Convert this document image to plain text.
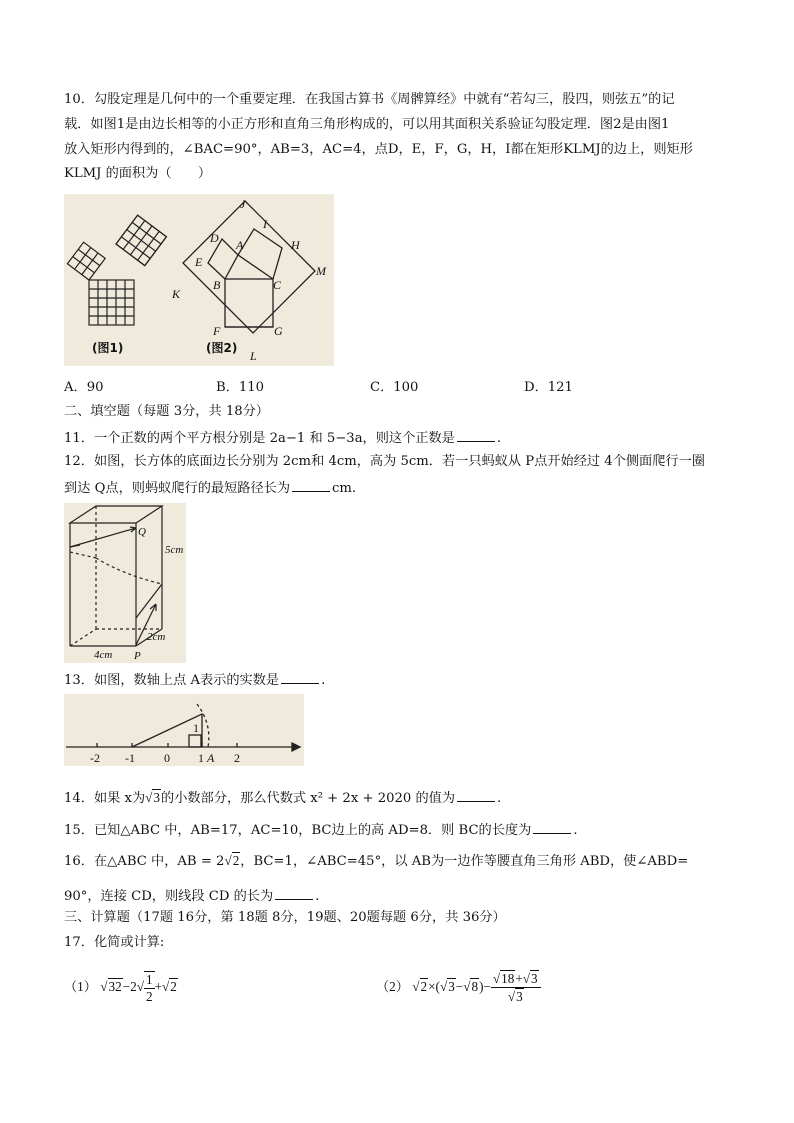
10．勾股定理是几何中的一个重要定理．在我国古算书《周髀算经》中就有“若勾三，股四，则弦五”的记
载．如图1是由边长相等的小正方形和直角三角形构成的，可以用其面积关系验证勾股定理．图2是由图1
放入矩形内得到的，∠BAC=90°，AB=3，AC=4，点D，E，F，G，H，I都在矩形KLMJ的边上，则矩形
KLMJ 的面积为（　　）
J
I
D A	H
E
M
B	C
K
F	G
L
(图1)	(图2)
A．90	B．110	C．100	D．121
二、填空题（每题 3分，共 18分）
11．一个正数的两个平方根分别是 2a−1 和 5−3a，则这个正数是	.
12．如图，长方体的底面边长分别为 2cm和 4cm，高为 5cm．若一只蚂蚁从 P点开始经过 4个侧面爬行一圈
到达 Q点，则蚂蚁爬行的最短路径长为	cm.
Q
5cm
2cm
4cm P
13．如图，数轴上点 A表示的实数是	.
-2 -1 0 1	2
A
1
14．如果 x为√3的小数部分，那么代数式 x² + 2x + 2020 的值为	.
15．已知△ABC 中，AB=17，AC=10，BC边上的高 AD=8．则 BC的长度为	.
16．在△ABC 中，AB = 2√2，BC=1，∠ABC=45°，以 AB为一边作等腰直角三角形 ABD，使∠ABD=
90°，连接 CD，则线段 CD 的长为	.
三、计算题（17题 16分，第 18题 8分，19题、20题每题 6分，共 36分）
17．化简或计算:
（1） $√32-2√ \frac{1}{2} +√2$	（2） $√2\times(√3-√8)- \frac{√18+√3}{√3}$
